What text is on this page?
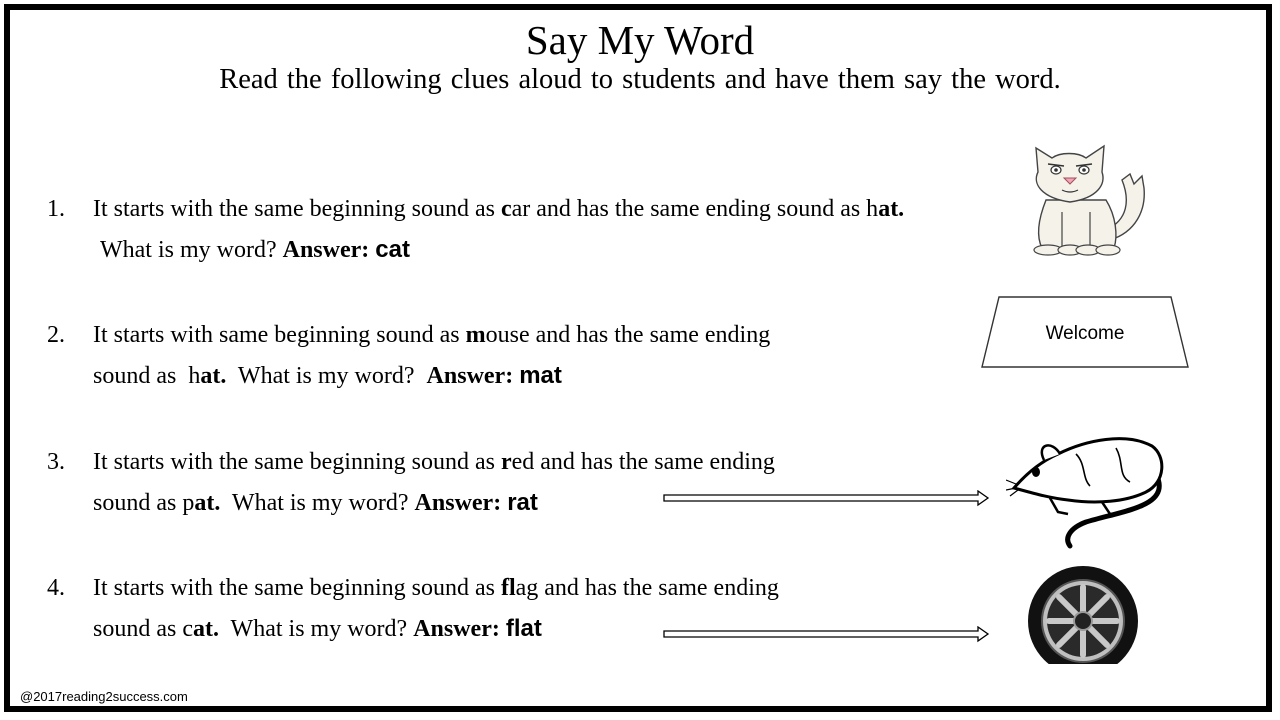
Say My Word
Read the following clues aloud to students and have them say the word.
1. It starts with the same beginning sound as car and has the same ending sound as hat.
What is my word? Answer: cat
2. It starts with same beginning sound as mouse and has the same ending
sound as  hat.  What is my word?  Answer: mat
3. It starts with the same beginning sound as red and has the same ending
sound as pat.  What is my word? Answer: rat
4. It starts with the same beginning sound as flag and has the same ending
sound as cat.  What is my word? Answer: flat
Welcome
@2017reading2success.com
